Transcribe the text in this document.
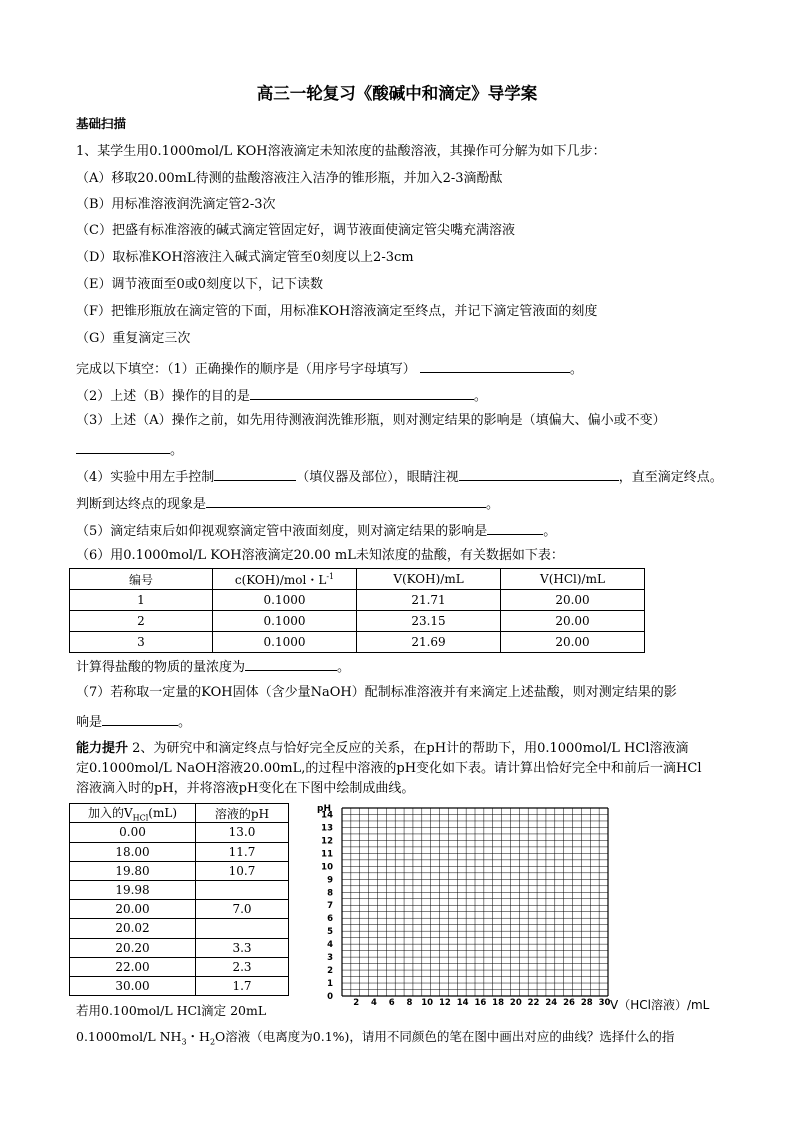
高三一轮复习《酸碱中和滴定》导学案
基础扫描
1、某学生用0.1000mol/L KOH溶液滴定未知浓度的盐酸溶液，其操作可分解为如下几步：
（A）移取20.00mL待测的盐酸溶液注入洁净的锥形瓶，并加入2-3滴酚酞
（B）用标准溶液润洗滴定管2-3次
（C）把盛有标准溶液的碱式滴定管固定好，调节液面使滴定管尖嘴充满溶液
（D）取标准KOH溶液注入碱式滴定管至0刻度以上2-3cm
（E）调节液面至0或0刻度以下，记下读数
（F）把锥形瓶放在滴定管的下面，用标准KOH溶液滴定至终点，并记下滴定管液面的刻度
（G）重复滴定三次
完成以下填空：（1）正确操作的顺序是（用序号字母填写）	。
（2）上述（B）操作的目的是	。
（3）上述（A）操作之前，如先用待测液润洗锥形瓶，则对测定结果的影响是（填偏大、偏小或不变）
。
（4）实验中用左手控制	（填仪器及部位），眼睛注视	，直至滴定终点。
判断到达终点的现象是	。
（5）滴定结束后如仰视观察滴定管中液面刻度，则对滴定结果的影响是	。
（6）用0.1000mol/L KOH溶液滴定20.00 mL未知浓度的盐酸，有关数据如下表：
编号	c(KOH)/mol・$L^{-1}$	V(KOH)/mL	V(HCl)/mL
1	0.1000	21.71	20.00
2	0.1000	23.15	20.00
3	0.1000	21.69	20.00
计算得盐酸的物质的量浓度为	。
（7）若称取一定量的KOH固体（含少量NaOH）配制标准溶液并有来滴定上述盐酸，则对测定结果的影
响是	。
能力提升 2、为研究中和滴定终点与恰好完全反应的关系，在pH计的帮助下，用0.1000mol/L HCl溶液滴
定0.1000mol/L NaOH溶液20.00mL,的过程中溶液的pH变化如下表。请计算出恰好完全中和前后一滴HCl
溶液滴入时的pH，并将溶液pH变化在下图中绘制成曲线。
加入的$V_{HCl}(mL)$	溶液的pH
0.00	13.0
18.00	11.7
19.80	10.7
19.98	
20.00	7.0
20.02	
20.20	3.3
22.00	2.3
30.00	1.7
0
1
2
3
4
5
6
7
8
9
10
11
12
13
14
2 4 6 8 10 12 14 16 18 20 22 24 26 28 30
pH
V（HCl溶液）/mL
若用0.100mol/L HCl滴定 20mL
0.1000mol/L $NH_3$・$H_2O$溶液（电离度为0.1%)，请用不同颜色的笔在图中画出对应的曲线？选择什么的指
